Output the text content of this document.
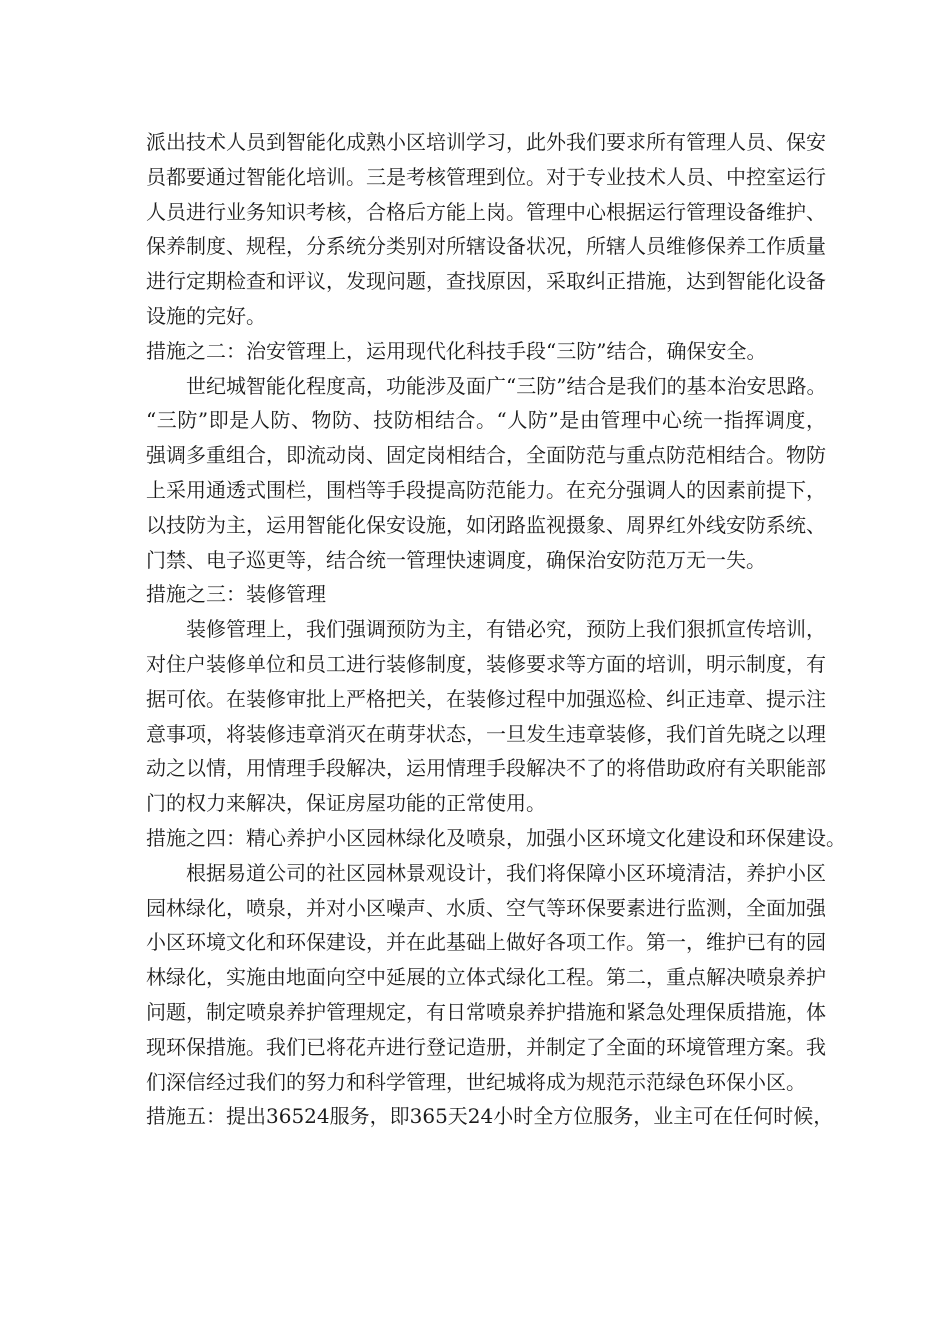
派出技术人员到智能化成熟小区培训学习，此外我们要求所有管理人员、保安
员都要通过智能化培训。三是考核管理到位。对于专业技术人员、中控室运行
人员进行业务知识考核，合格后方能上岗。管理中心根据运行管理设备维护、
保养制度、规程，分系统分类别对所辖设备状况，所辖人员维修保养工作质量
进行定期检查和评议，发现问题，查找原因，采取纠正措施，达到智能化设备
设施的完好。
措施之二：治安管理上，运用现代化科技手段“三防”结合，确保安全。
世纪城智能化程度高，功能涉及面广“三防”结合是我们的基本治安思路。
“三防”即是人防、物防、技防相结合。“人防”是由管理中心统一指挥调度，
强调多重组合，即流动岗、固定岗相结合，全面防范与重点防范相结合。物防
上采用通透式围栏，围档等手段提高防范能力。在充分强调人的因素前提下，
以技防为主，运用智能化保安设施，如闭路监视摄象、周界红外线安防系统、
门禁、电子巡更等，结合统一管理快速调度，确保治安防范万无一失。
措施之三：装修管理
装修管理上，我们强调预防为主，有错必究，预防上我们狠抓宣传培训，
对住户装修单位和员工进行装修制度，装修要求等方面的培训，明示制度，有
据可依。在装修审批上严格把关，在装修过程中加强巡检、纠正违章、提示注
意事项，将装修违章消灭在萌芽状态，一旦发生违章装修，我们首先晓之以理
动之以情，用情理手段解决，运用情理手段解决不了的将借助政府有关职能部
门的权力来解决，保证房屋功能的正常使用。
措施之四：精心养护小区园林绿化及喷泉，加强小区环境文化建设和环保建设。
根据易道公司的社区园林景观设计，我们将保障小区环境清洁，养护小区
园林绿化，喷泉，并对小区噪声、水质、空气等环保要素进行监测，全面加强
小区环境文化和环保建设，并在此基础上做好各项工作。第一，维护已有的园
林绿化，实施由地面向空中延展的立体式绿化工程。第二，重点解决喷泉养护
问题，制定喷泉养护管理规定，有日常喷泉养护措施和紧急处理保质措施，体
现环保措施。我们已将花卉进行登记造册，并制定了全面的环境管理方案。我
们深信经过我们的努力和科学管理，世纪城将成为规范示范绿色环保小区。
措施五：提出36524服务，即365天24小时全方位服务，业主可在任何时候，
